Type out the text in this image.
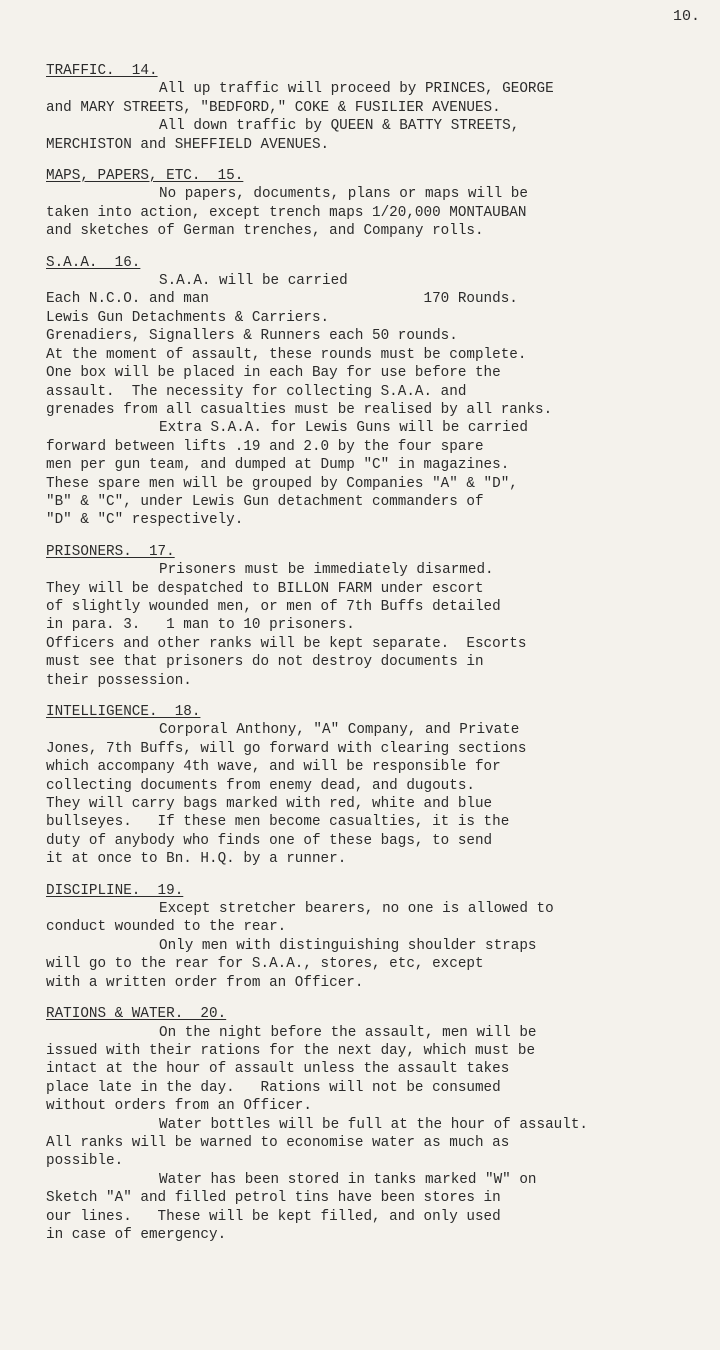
10.
TRAFFIC.  14.
All up traffic will proceed by PRINCES, GEORGE
and MARY STREETS, "BEDFORD," COKE & FUSILIER AVENUES.
All down traffic by QUEEN & BATTY STREETS,
MERCHISTON and SHEFFIELD AVENUES.
MAPS, PAPERS, ETC.  15.
No papers, documents, plans or maps will be
taken into action, except trench maps 1/20,000 MONTAUBAN
and sketches of German trenches, and Company rolls.
S.A.A.  16.
S.A.A. will be carried
Each N.C.O. and man                         170 Rounds.
Lewis Gun Detachments & Carriers.
Grenadiers, Signallers & Runners each 50 rounds.
At the moment of assault, these rounds must be complete.
One box will be placed in each Bay for use before the
assault.  The necessity for collecting S.A.A. and
grenades from all casualties must be realised by all ranks.
Extra S.A.A. for Lewis Guns will be carried
forward between lifts .19 and 2.0 by the four spare
men per gun team, and dumped at Dump "C" in magazines.
These spare men will be grouped by Companies "A" & "D",
"B" & "C", under Lewis Gun detachment commanders of
"D" & "C" respectively.
PRISONERS.  17.
Prisoners must be immediately disarmed.
They will be despatched to BILLON FARM under escort
of slightly wounded men, or men of 7th Buffs detailed
in para. 3.   1 man to 10 prisoners.
Officers and other ranks will be kept separate.  Escorts
must see that prisoners do not destroy documents in
their possession.
INTELLIGENCE.  18.
Corporal Anthony, "A" Company, and Private
Jones, 7th Buffs, will go forward with clearing sections
which accompany 4th wave, and will be responsible for
collecting documents from enemy dead, and dugouts.
They will carry bags marked with red, white and blue
bullseyes.   If these men become casualties, it is the
duty of anybody who finds one of these bags, to send
it at once to Bn. H.Q. by a runner.
DISCIPLINE.  19.
Except stretcher bearers, no one is allowed to
conduct wounded to the rear.
Only men with distinguishing shoulder straps
will go to the rear for S.A.A., stores, etc, except
with a written order from an Officer.
RATIONS & WATER.  20.
On the night before the assault, men will be
issued with their rations for the next day, which must be
intact at the hour of assault unless the assault takes
place late in the day.   Rations will not be consumed
without orders from an Officer.
Water bottles will be full at the hour of assault.
All ranks will be warned to economise water as much as
possible.
Water has been stored in tanks marked "W" on
Sketch "A" and filled petrol tins have been stores in
our lines.   These will be kept filled, and only used
in case of emergency.
